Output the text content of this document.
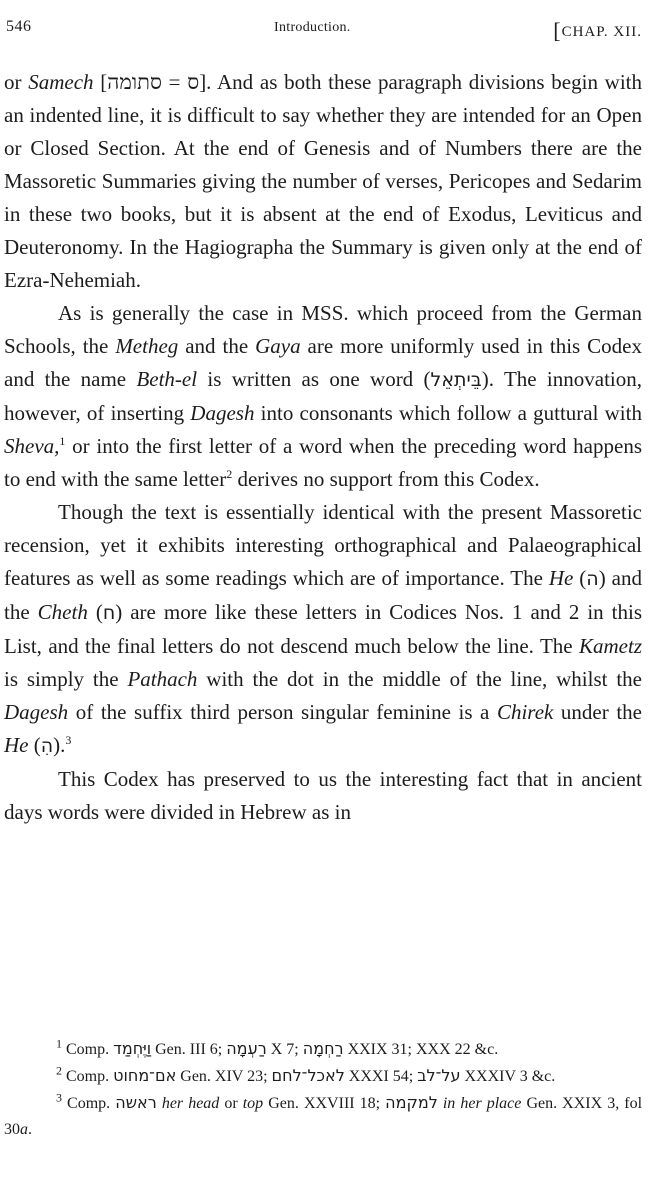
546	Introduction.	[CHAP. XII.

or Samech [ס = סתומה]. And as both these paragraph divisions begin with an indented line, it is difficult to say whether they are intended for an Open or Closed Section. At the end of Genesis and of Numbers there are the Massoretic Summaries giving the number of verses, Pericopes and Sedarim in these two books, but it is absent at the end of Exodus, Leviticus and Deuteronomy. In the Hagiographa the Summary is given only at the end of Ezra-Nehemiah.

As is generally the case in MSS. which proceed from the German Schools, the Metheg and the Gaya are more uniformly used in this Codex and the name Beth-el is written as one word (בֵּיתְאֵל). The innovation, however, of inserting Dagesh into consonants which follow a guttural with Sheva,$^1$ or into the first letter of a word when the preceding word happens to end with the same letter$^2$ derives no support from this Codex.

Though the text is essentially identical with the present Massoretic recension, yet it exhibits interesting orthographical and Palaeographical features as well as some readings which are of importance. The He (ה) and the Cheth (ח) are more like these letters in Codices Nos. 1 and 2 in this List, and the final letters do not descend much below the line. The Kametz is simply the Pathach with the dot in the middle of the line, whilst the Dagesh of the suffix third person singular feminine is a Chirek under the He (הִ).$^3$

This Codex has preserved to us the interesting fact that in ancient days words were divided in Hebrew as in

$^1$ Comp. וַיֶּחְמַד Gen. III 6; רַעְמָה X 7; רַחְמָה XXIX 31; XXX 22 &c.

$^2$ Comp. אם־מחוט Gen. XIV 23; לאכל־לחם XXXI 54; על־לב XXXIV 3 &c.

$^3$ Comp. ראשה her head or top Gen. XXVIII 18; למקמה in her place Gen. XXIX 3, fol 30a.
